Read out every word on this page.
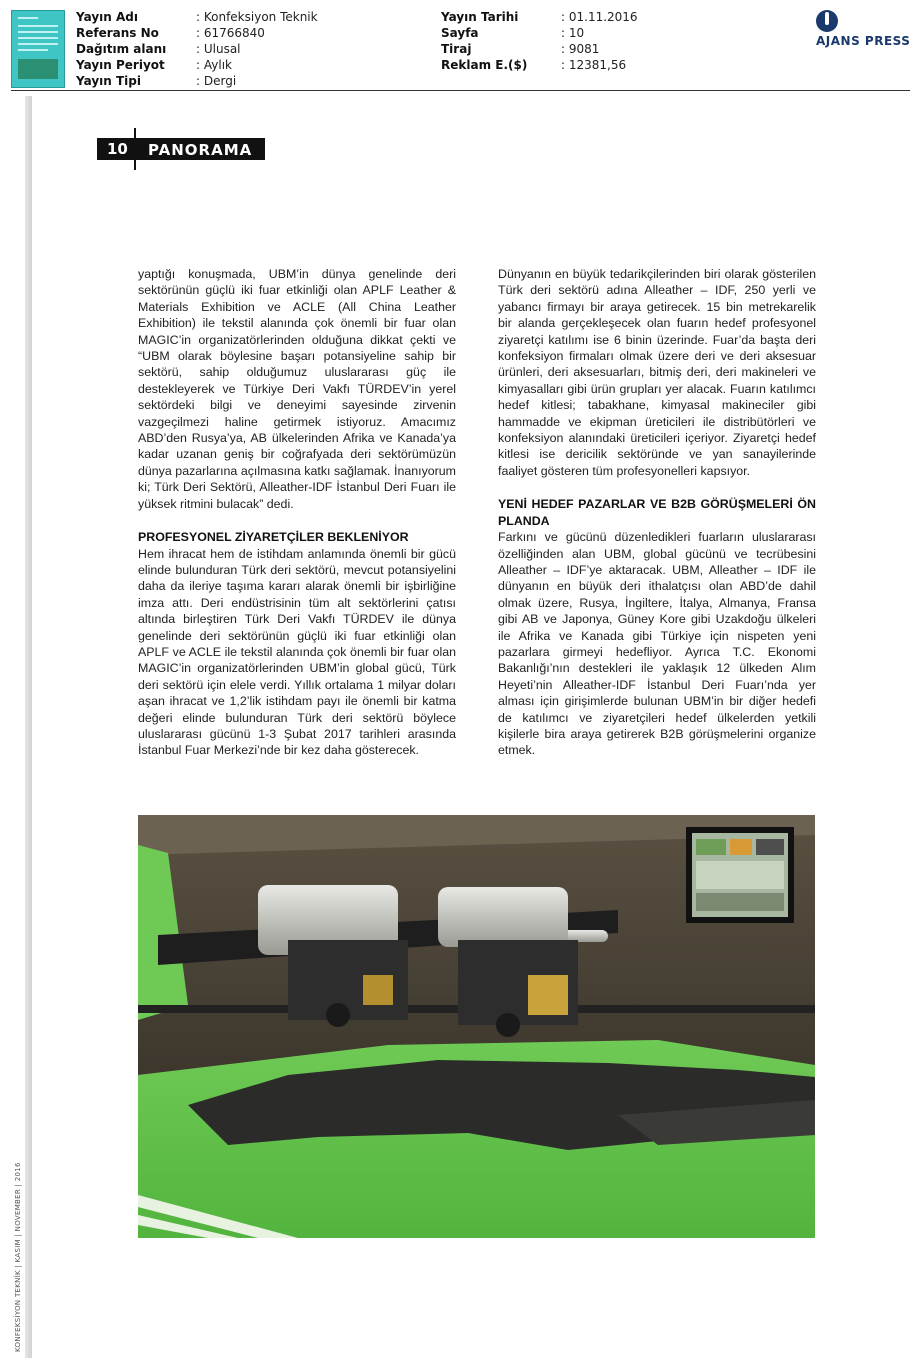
Yayın Adı	: Konfeksiyon Teknik
Referans No	: 61766840
Dağıtım alanı	: Ulusal
Yayın Periyot	: Aylık
Yayın Tipi	: Dergi
Yayın Tarihi	: 01.11.2016
Sayfa	: 10
Tiraj	: 9081
Reklam E.($)	: 12381,56
AJANS PRESS
KONFEKSİYON TEKNİK | KASIM | NOVEMBER | 2016
10 PANORAMA

yaptığı konuşmada, UBM’in dünya genelinde deri sektörünün güçlü iki fuar etkinliği olan APLF Leather & Materials Exhibition ve ACLE (All China Leather Exhibition) ile tekstil alanında çok önemli bir fuar olan MAGIC’in organizatörlerinden olduğuna dikkat çekti ve “UBM olarak böylesine başarı potansiyeline sahip bir sektörü, sahip olduğumuz uluslararası güç ile destekleyerek ve Türkiye Deri Vakfı TÜRDEV’in yerel sektördeki bilgi ve deneyimi sayesinde zirvenin vazgeçilmezi haline getirmek istiyoruz. Amacımız ABD’den Rusya’ya, AB ülkelerinden Afrika ve Kanada’ya kadar uzanan geniş bir coğrafyada deri sektörümüzün dünya pazarlarına açılmasına katkı sağlamak. İnanıyorum ki; Türk Deri Sektörü, Alleather-IDF İstanbul Deri Fuarı ile yüksek ritmini bulacak” dedi.

PROFESYONEL ZİYARETÇİLER BEKLENİYOR

Hem ihracat hem de istihdam anlamında önemli bir gücü elinde bulunduran Türk deri sektörü, mevcut potansiyelini daha da ileriye taşıma kararı alarak önemli bir işbirliğine imza attı. Deri endüstrisinin tüm alt sektörlerini çatısı altında birleştiren Türk Deri Vakfı TÜRDEV ile dünya genelinde deri sektörünün güçlü iki fuar etkinliği olan APLF ve ACLE ile tekstil alanında çok önemli bir fuar olan MAGIC’in organizatörlerinden UBM’in global gücü, Türk deri sektörü için elele verdi. Yıllık ortalama 1 milyar doları aşan ihracat ve 1,2’lik istihdam payı ile önemli bir katma değeri elinde bulunduran Türk deri sektörü böylece uluslararası gücünü 1-3 Şubat 2017 tarihleri arasında İstanbul Fuar Merkezi’nde bir kez daha gösterecek.

Dünyanın en büyük tedarikçilerinden biri olarak gösterilen Türk deri sektörü adına Alleather – IDF, 250 yerli ve yabancı firmayı bir araya getirecek. 15 bin metrekarelik bir alanda gerçekleşecek olan fuarın hedef profesyonel ziyaretçi katılımı ise 6 binin üzerinde. Fuar’da başta deri konfeksiyon firmaları olmak üzere deri ve deri aksesuar ürünleri, deri aksesuarları, bitmiş deri, deri makineleri ve kimyasalları gibi ürün grupları yer alacak. Fuarın katılımcı hedef kitlesi; tabakhane, kimyasal makineciler gibi hammadde ve ekipman üreticileri ile distribütörleri ve konfeksiyon alanındaki üreticileri içeriyor. Ziyaretçi hedef kitlesi ise dericilik sektöründe ve yan sanayilerinde faaliyet gösteren tüm profesyonelleri kapsıyor.

YENİ HEDEF PAZARLAR VE B2B GÖRÜŞMELERİ ÖN PLANDA

Farkını ve gücünü düzenledikleri fuarların uluslararası özelliğinden alan UBM, global gücünü ve tecrübesini Alleather – IDF’ye aktaracak. UBM, Alleather – IDF ile dünyanın en büyük deri ithalatçısı olan ABD’de dahil olmak üzere, Rusya, İngiltere, İtalya, Almanya, Fransa gibi AB ve Japonya, Güney Kore gibi Uzakdoğu ülkeleri ile Afrika ve Kanada gibi Türkiye için nispeten yeni pazarlara girmeyi hedefliyor. Ayrıca T.C. Ekonomi Bakanlığı’nın destekleri ile yaklaşık 12 ülkeden Alım Heyeti’nin Alleather-IDF İstanbul Deri Fuarı’nda yer alması için girişimlerde bulunan UBM’in bir diğer hedefi de katılımcı ve ziyaretçileri hedef ülkelerden yetkili kişilerle bira araya getirerek B2B görüşmelerini organize etmek.
